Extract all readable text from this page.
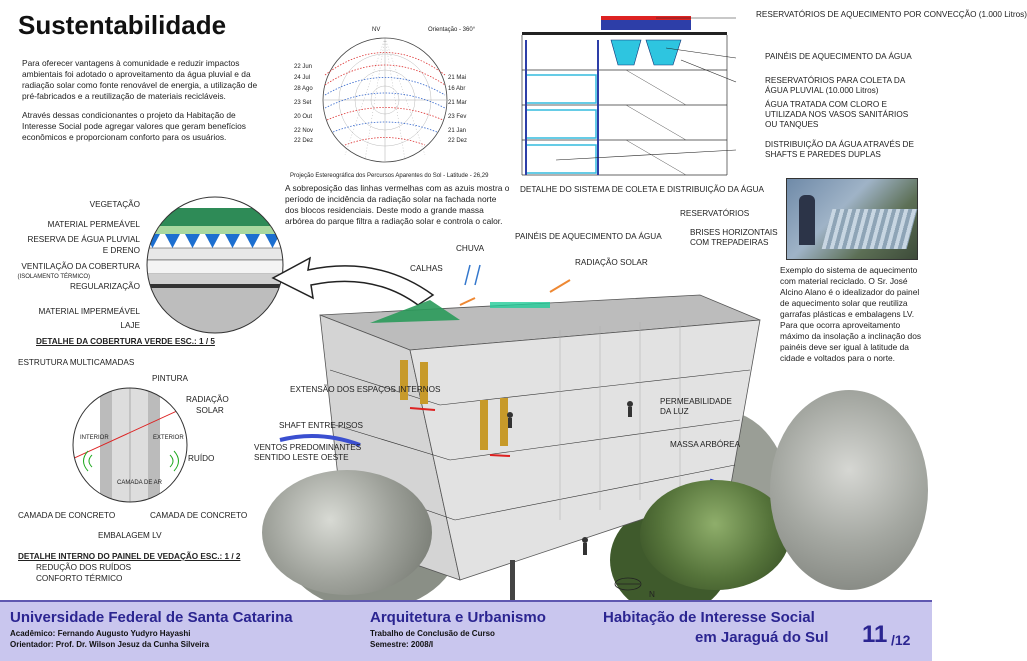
Sustentabilidade

Para oferecer vantagens à comunidade e reduzir impactos ambientais foi adotado o aproveitamento da água pluvial e da radiação solar como fonte renovável de energia, a utilização de pré-fabricados e a reutilização de materiais recicláveis.

Através dessas condicionantes o projeto da Habitação de Interesse Social pode agregar valores que geram benefícios econômicos e proporcionam conforto para os usuários.

NV	Orientação - 360°
22 Jun
24 Jul
28 Ago
23 Set
20 Out
22 Nov
22 Dez
21 Mai
16 Abr
21 Mar
23 Fev
21 Jan
22 Dez
Projeção Estereográfica dos Percursos Aparentes do Sol - Latitude - 26,29
A sobreposição das linhas vermelhas com as azuis mostra o período de incidência da radiação solar na fachada norte dos blocos residenciais. Deste modo a grande massa arbórea do parque filtra a radiação solar e controla o calor.
RESERVATÓRIOS DE AQUECIMENTO POR CONVECÇÃO (1.000 Litros)
PAINÉIS DE AQUECIMENTO DA ÁGUA
RESERVATÓRIOS PARA COLETA DA ÁGUA PLUVIAL (10.000 Litros)
ÁGUA TRATADA COM CLORO E UTILIZADA NOS VASOS SANITÁRIOS OU TANQUES
DISTRIBUIÇÃO DA ÁGUA ATRAVÉS DE SHAFTS E PAREDES DUPLAS
DETALHE DO SISTEMA DE COLETA E DISTRIBUIÇÃO DA ÁGUA
Exemplo do sistema de aquecimento com material reciclado. O Sr. José Alcino Alano é o idealizador do painel de aquecimento solar que reutiliza garrafas plásticas e embalagens LV. Para que ocorra aproveitamento máximo da insolação a inclinação dos painéis deve ser igual à latitude da cidade e voltados para o norte.
VEGETAÇÃO
MATERIAL PERMEÁVEL
RESERVA DE ÁGUA PLUVIAL
E DRENO
VENTILAÇÃO DA COBERTURA
(ISOLAMENTO TÉRMICO)
REGULARIZAÇÃO
MATERIAL IMPERMEÁVEL
LAJE
DETALHE DA COBERTURA VERDE ESC.: 1 / 5
ESTRUTURA MULTICAMADAS
PINTURA
RADIAÇÃO
SOLAR
RUÍDO
INTERIOR	EXTERIOR
CAMADA DE AR
CAMADA DE CONCRETO	CAMADA DE CONCRETO
EMBALAGEM LV
DETALHE INTERNO DO PAINEL DE VEDAÇÃO ESC.: 1 / 2
REDUÇÃO DOS RUÍDOS
CONFORTO TÉRMICO
RESERVATÓRIOS
PAINÉIS DE AQUECIMENTO DA ÁGUA	BRISES HORIZONTAIS COM TREPADEIRAS
CHUVA
CALHAS
RADIAÇÃO SOLAR
EXTENSÃO DOS ESPAÇOS INTERNOS
PERMEABILIDADE DA LUZ
SHAFT ENTRE PISOS
VENTOS PREDOMINANTES SENTIDO LESTE OESTE
MASSA ARBÓREA
N
Universidade Federal de Santa Catarina
Acadêmico: Fernando Augusto Yudyro Hayashi
Orientador: Prof. Dr. Wilson Jesuz da Cunha Silveira
Arquitetura e Urbanismo
Trabalho de Conclusão de Curso
Semestre: 2008/I
Habitação de Interesse Social
em Jaraguá do Sul 11 /12
